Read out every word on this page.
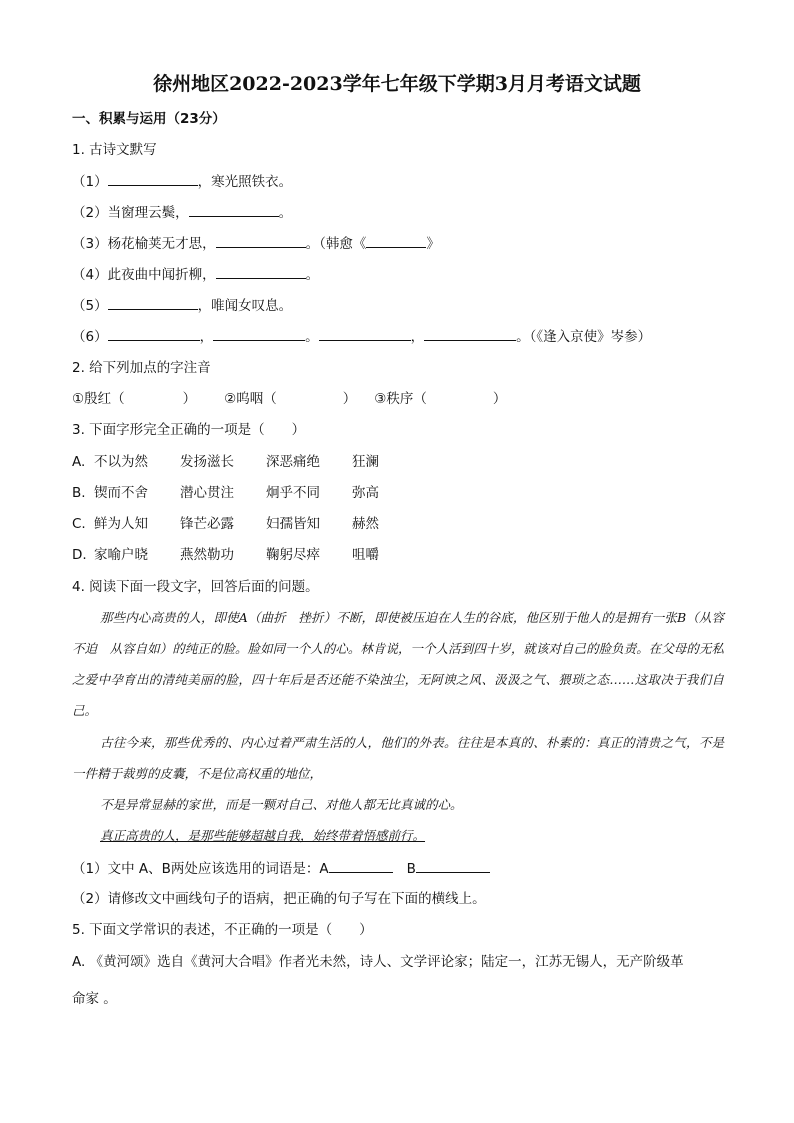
徐州地区2022-2023学年七年级下学期3月月考语文试题
一、积累与运用（23分）
1. 古诗文默写
（1）	，寒光照铁衣。
（2）当窗理云鬓，	。
（3）杨花榆荚无才思，	。（韩愈《	》
（4）此夜曲中闻折柳，	。
（5）	，唯闻女叹息。
（6）	，	。	，	。（《逢入京使》岑参）
2. 给下列加点的字注音
①殷红（	） ②呜咽（	） ③秩序（	）
3. 下面字形完全正确的一项是（　　）
A. 不以为然 发扬滋长 深恶痛绝 狂澜
B. 锲而不舍 潜心贯注 炯乎不同 弥高
C. 鲜为人知 锋芒必露 妇孺皆知 赫然
D. 家喻户晓 燕然勒功 鞠躬尽瘁 咀嚼
4. 阅读下面一段文字，回答后面的问题。
那些内心高贵的人，即使A（曲折　挫折）不断，即使被压迫在人生的谷底，他区别于他人的是拥有一张B（从容不迫　从容自如）的纯正的脸。脸如同一个人的心。林肯说，一个人活到四十岁，就该对自己的脸负责。在父母的无私之爱中孕育出的清纯美丽的脸，四十年后是否还能不染浊尘，无阿谀之风、汲汲之气、猥琐之态……这取决于我们自己。
古往今来，那些优秀的、内心过着严肃生活的人，他们的外表。往往是本真的、朴素的：真正的清贵之气，不是一件精于裁剪的皮囊，不是位高权重的地位，
不是异常显赫的家世，而是一颗对自己、对他人都无比真诚的心。
真正高贵的人，是那些能够超越自我，始终带着悟感前行。
（1）文中 A、B两处应该选用的词语是：A	B
（2）请修改文中画线句子的语病，把正确的句子写在下面的横线上。
5. 下面文学常识的表述，不正确的一项是（　　）
A. 《黄河颂》选自《黄河大合唱》作者光未然，诗人、文学评论家；陆定一，江苏无锡人，无产阶级革
命家 。
